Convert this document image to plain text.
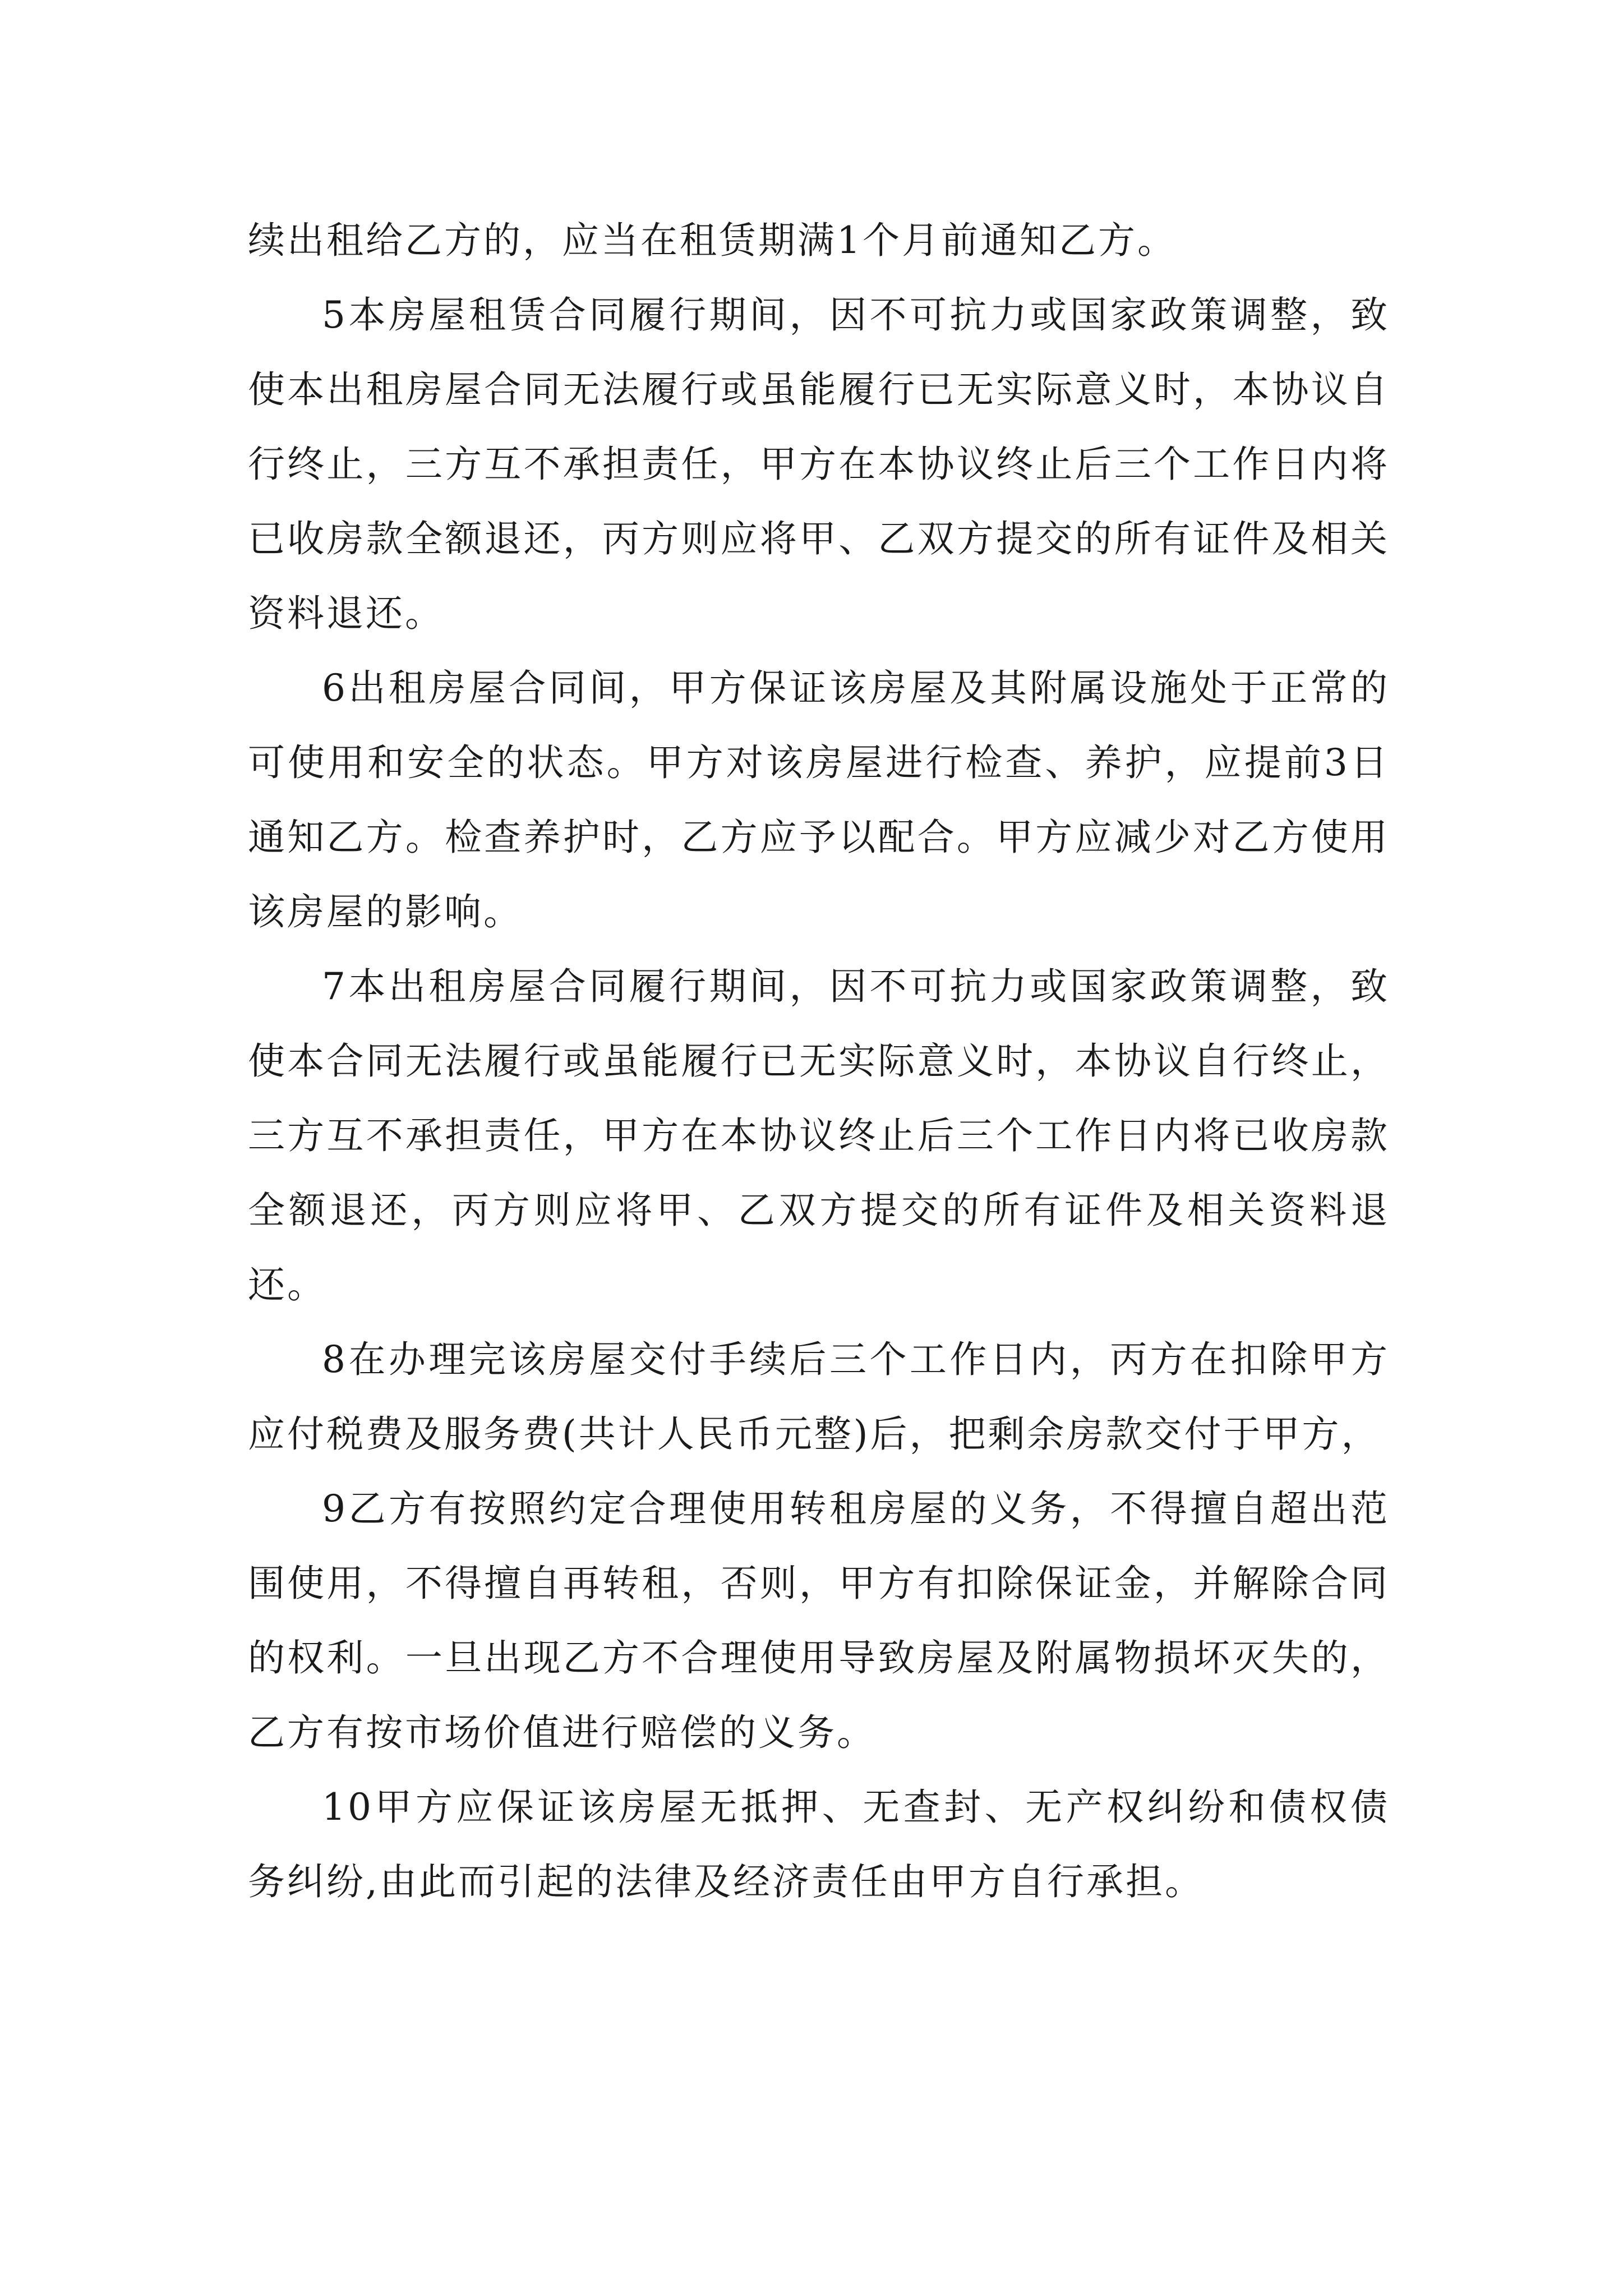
续出租给乙方的，应当在租赁期满1个月前通知乙方。

5本房屋租赁合同履行期间，因不可抗力或国家政策调整，致使本出租房屋合同无法履行或虽能履行已无实际意义时，本协议自行终止，三方互不承担责任，甲方在本协议终止后三个工作日内将已收房款全额退还，丙方则应将甲、乙双方提交的所有证件及相关资料退还。

6出租房屋合同间，甲方保证该房屋及其附属设施处于正常的可使用和安全的状态。甲方对该房屋进行检查、养护，应提前3日通知乙方。检查养护时，乙方应予以配合。甲方应减少对乙方使用该房屋的影响。

7本出租房屋合同履行期间，因不可抗力或国家政策调整，致使本合同无法履行或虽能履行已无实际意义时，本协议自行终止，三方互不承担责任，甲方在本协议终止后三个工作日内将已收房款全额退还，丙方则应将甲、乙双方提交的所有证件及相关资料退还。

8在办理完该房屋交付手续后三个工作日内，丙方在扣除甲方应付税费及服务费(共计人民币元整)后，把剩余房款交付于甲方，

9乙方有按照约定合理使用转租房屋的义务，不得擅自超出范围使用，不得擅自再转租，否则，甲方有扣除保证金，并解除合同的权利。一旦出现乙方不合理使用导致房屋及附属物损坏灭失的，乙方有按市场价值进行赔偿的义务。

10甲方应保证该房屋无抵押、无查封、无产权纠纷和债权债务纠纷,由此而引起的法律及经济责任由甲方自行承担。
